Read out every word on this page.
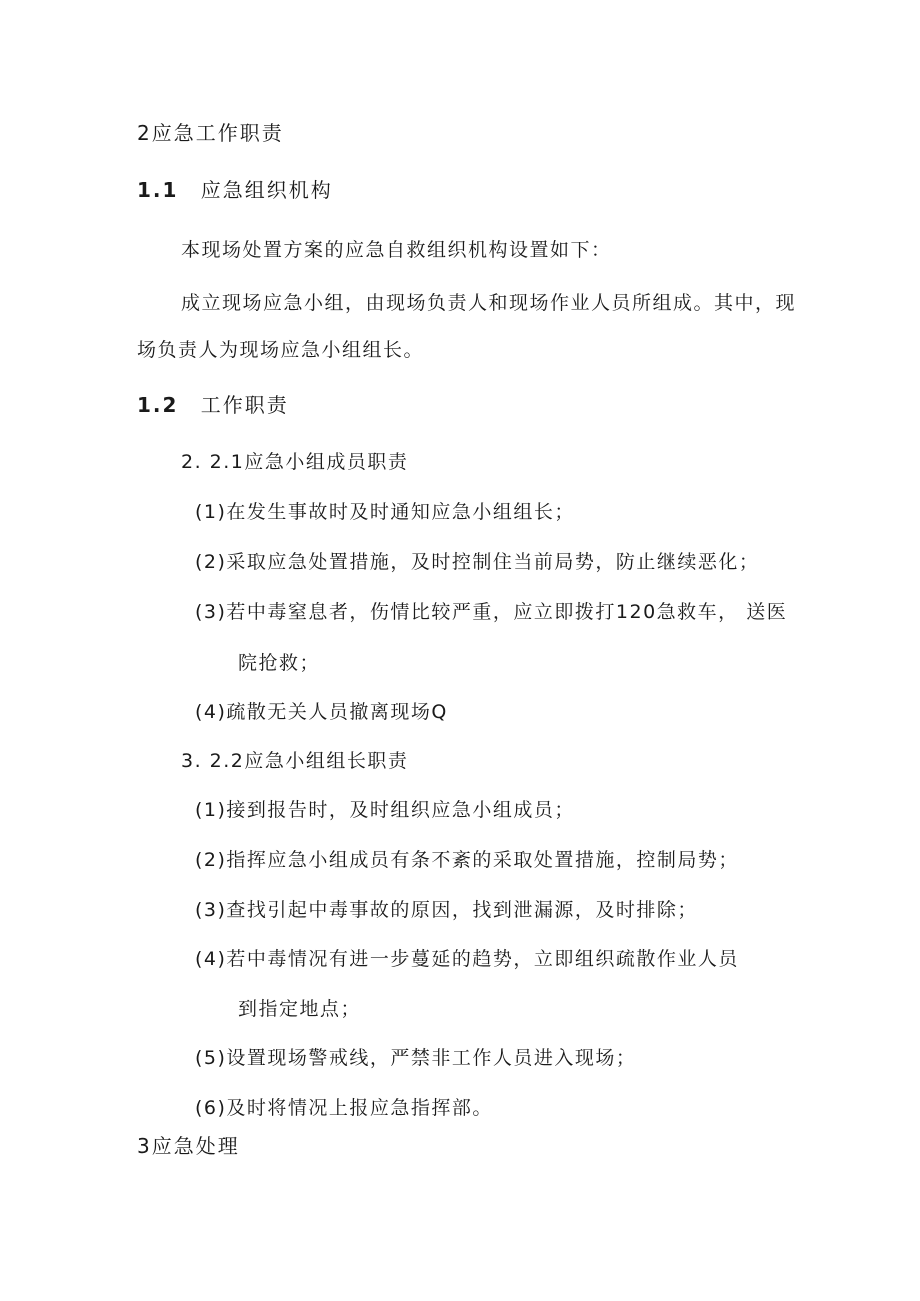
2应急工作职责
1.1 应急组织机构
本现场处置方案的应急自救组织机构设置如下：
成立现场应急小组，由现场负责人和现场作业人员所组成。其中，现
场负责人为现场应急小组组长。
1.2 工作职责
2. 2.1应急小组成员职责
(1)在发生事故时及时通知应急小组组长；
(2)采取应急处置措施，及时控制住当前局势，防止继续恶化；
(3)若中毒窒息者，伤情比较严重，应立即拨打120急救车， 送医
院抢救；
(4)疏散无关人员撤离现场Q
3. 2.2应急小组组长职责
(1)接到报告时，及时组织应急小组成员；
(2)指挥应急小组成员有条不紊的采取处置措施，控制局势；
(3)查找引起中毒事故的原因，找到泄漏源，及时排除；
(4)若中毒情况有进一步蔓延的趋势，立即组织疏散作业人员
到指定地点；
(5)设置现场警戒线，严禁非工作人员进入现场；
(6)及时将情况上报应急指挥部。
3应急处理
